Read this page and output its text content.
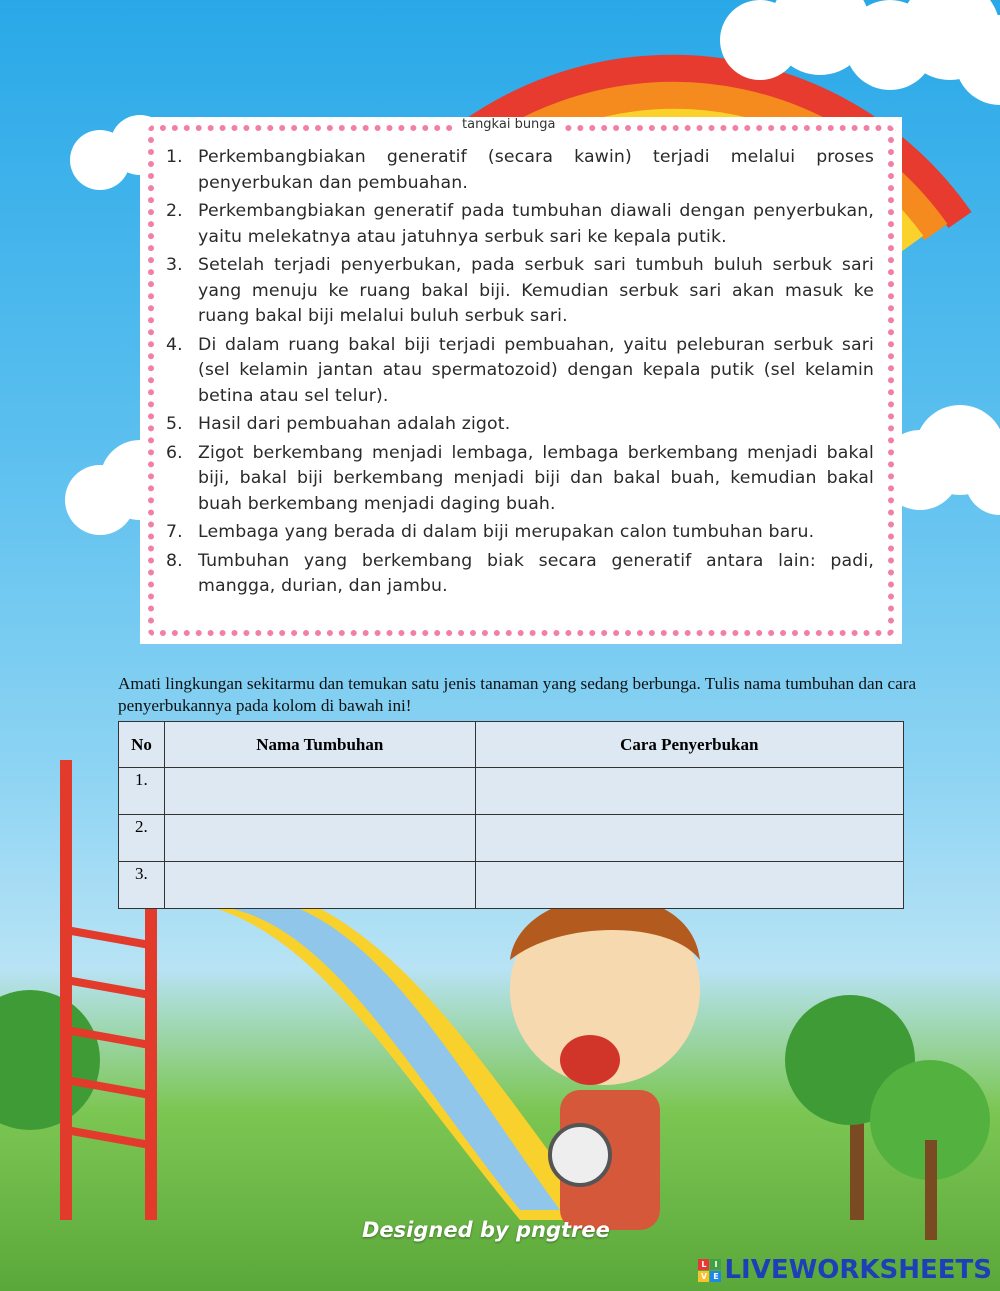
tangkai bunga
1. Perkembangbiakan generatif (secara kawin) terjadi melalui proses penyerbukan dan pembuahan.
2. Perkembangbiakan generatif pada tumbuhan diawali dengan penyerbukan, yaitu melekatnya atau jatuhnya serbuk sari ke kepala putik.
3. Setelah terjadi penyerbukan, pada serbuk sari tumbuh buluh serbuk sari yang menuju ke ruang bakal biji. Kemudian serbuk sari akan masuk ke ruang bakal biji melalui buluh serbuk sari.
4. Di dalam ruang bakal biji terjadi pembuahan, yaitu peleburan serbuk sari (sel kelamin jantan atau spermatozoid) dengan kepala putik (sel kelamin betina atau sel telur).
5. Hasil dari pembuahan adalah zigot.
6. Zigot berkembang menjadi lembaga, lembaga berkembang menjadi bakal biji, bakal biji berkembang menjadi biji dan bakal buah, kemudian bakal buah berkembang menjadi daging buah.
7. Lembaga yang berada di dalam biji merupakan calon tumbuhan baru.
8. Tumbuhan yang berkembang biak secara generatif antara lain: padi, mangga, durian, dan jambu.
Amati lingkungan sekitarmu dan temukan satu jenis tanaman yang sedang berbunga. Tulis nama tumbuhan dan cara penyerbukannya pada kolom di bawah ini!
No	Nama Tumbuhan	Cara Penyerbukan
1.		
2.		
3.		
Designed by pngtree
L I
V E LIVEWORKSHEETS
